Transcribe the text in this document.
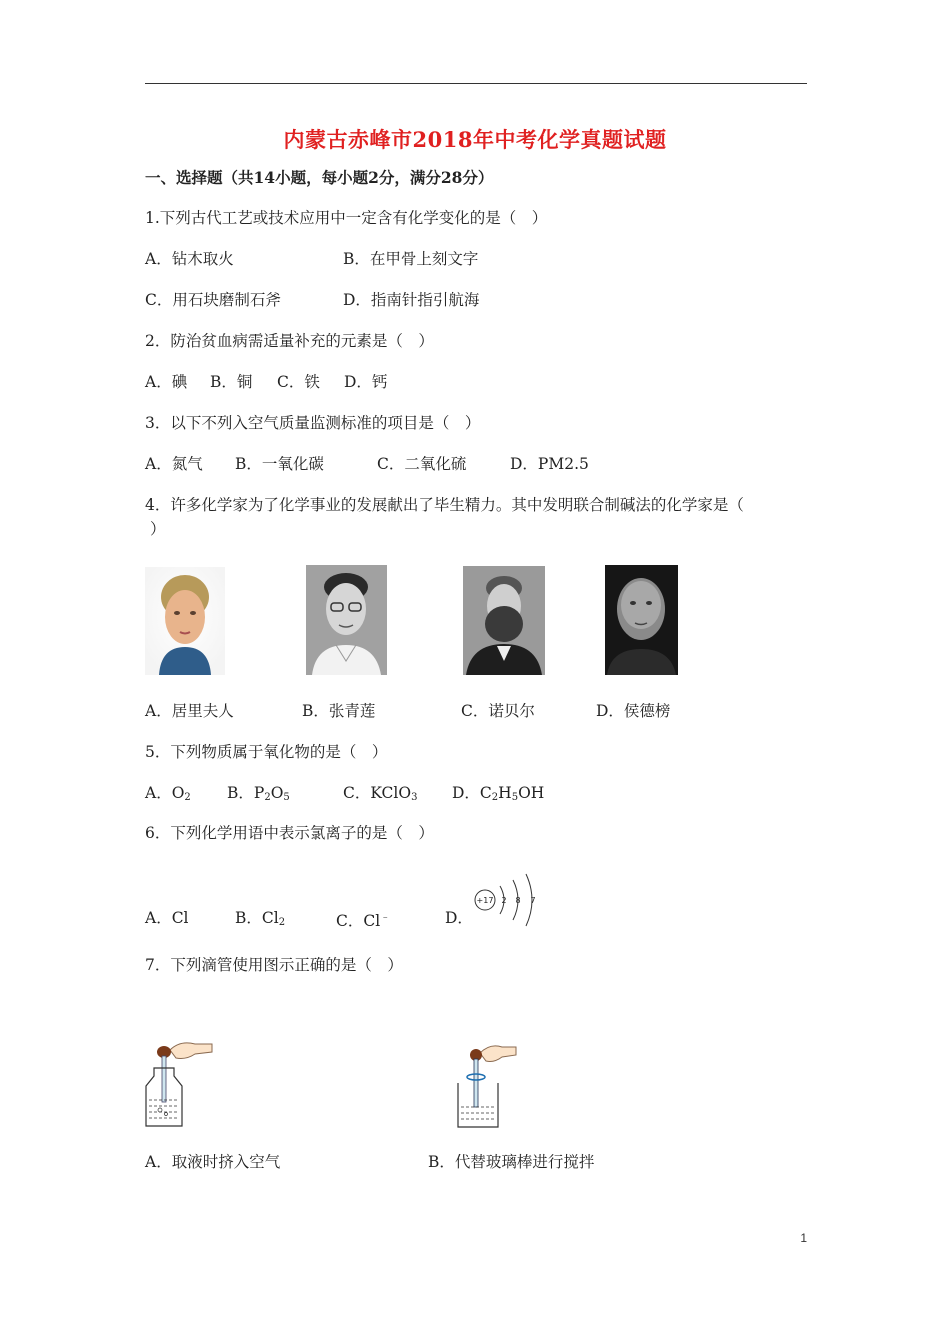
内蒙古赤峰市2018年中考化学真题试题
一、选择题（共14小题，每小题2分，满分28分）
1.下列古代工艺或技术应用中一定含有化学变化的是（　）
A．钻木取火	B．在甲骨上刻文字
C．用石块磨制石斧	D．指南针指引航海
2．防治贫血病需适量补充的元素是（　）
A．碘 B．铜 C．铁 D．钙
3．以下不列入空气质量监测标准的项目是（　）
A．氮气 B．一氧化碳	C．二氧化硫	D．PM2.5
4．许多化学家为了化学事业的发展献出了毕生精力。其中发明联合制碱法的化学家是（
）
A．居里夫人	B．张青莲	C．诺贝尔	D．侯德榜
5．下列物质属于氧化物的是（　）
A．$O_2$ B．$P_2O_5$	C．KClO$_3$ D．$C_2H_5OH$
6．下列化学用语中表示氯离子的是（　）
A．Cl	B．$Cl_2$	C．Cl﹣	D．
+17 2 8 7
7．下列滴管使用图示正确的是（　）
A．取液时挤入空气	B．代替玻璃棒进行搅拌
1
